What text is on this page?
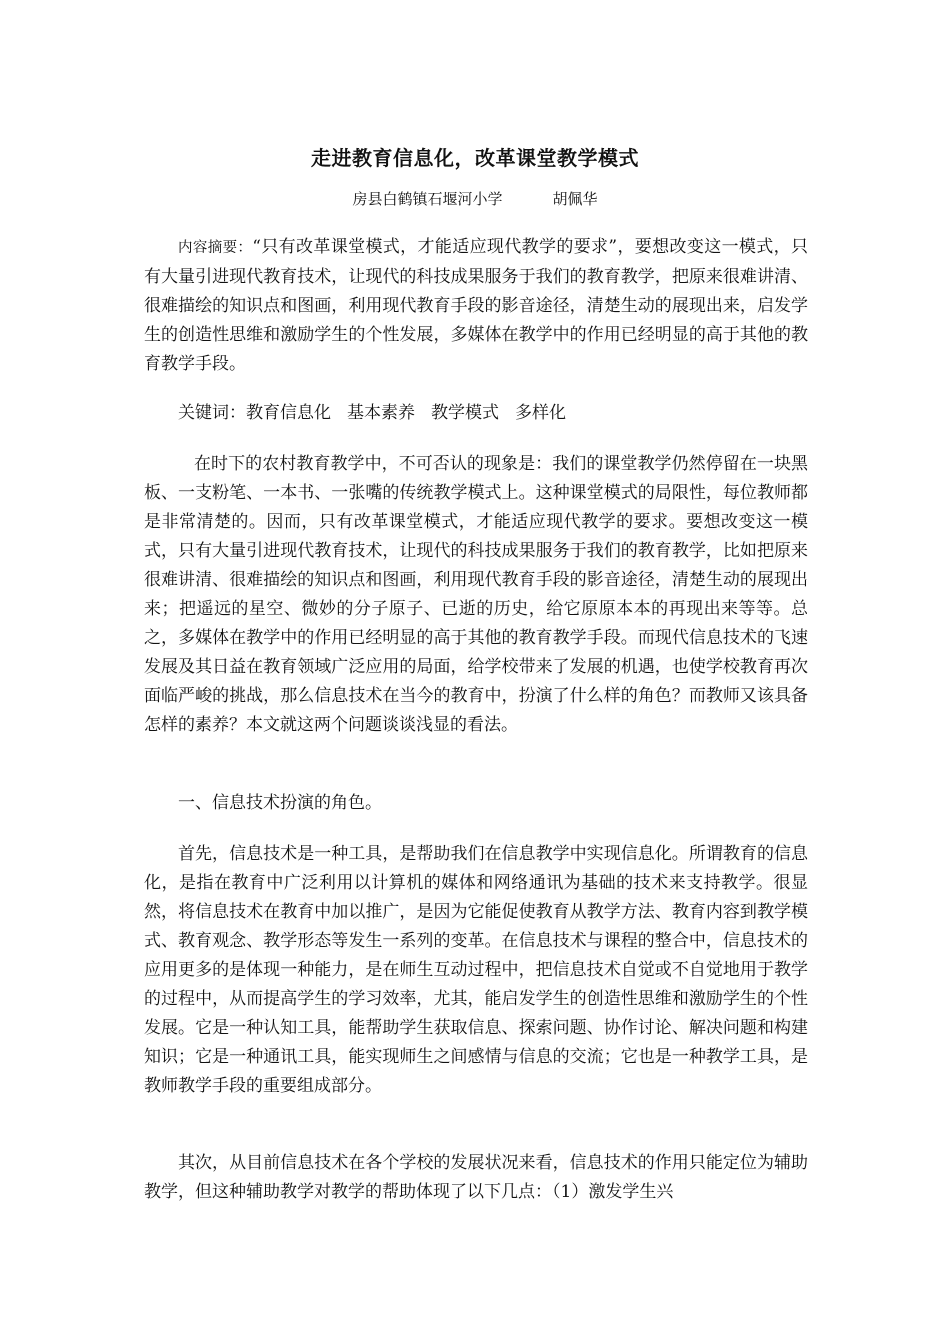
走进教育信息化，改革课堂教学模式
房县白鹤镇石堰河小学	胡佩华

内容摘要：“只有改革课堂模式，才能适应现代教学的要求”，要想改变这一模式，只有大量引进现代教育技术，让现代的科技成果服务于我们的教育教学，把原来很难讲清、很难描绘的知识点和图画，利用现代教育手段的影音途径，清楚生动的展现出来，启发学生的创造性思维和激励学生的个性发展，多媒体在教学中的作用已经明显的高于其他的教育教学手段。

关键词：教育信息化 基本素养 教学模式 多样化

在时下的农村教育教学中，不可否认的现象是：我们的课堂教学仍然停留在一块黑板、一支粉笔、一本书、一张嘴的传统教学模式上。这种课堂模式的局限性，每位教师都是非常清楚的。因而，只有改革课堂模式，才能适应现代教学的要求。要想改变这一模式，只有大量引进现代教育技术，让现代的科技成果服务于我们的教育教学，比如把原来很难讲清、很难描绘的知识点和图画，利用现代教育手段的影音途径，清楚生动的展现出来；把遥远的星空、微妙的分子原子、已逝的历史，给它原原本本的再现出来等等。总之，多媒体在教学中的作用已经明显的高于其他的教育教学手段。而现代信息技术的飞速发展及其日益在教育领域广泛应用的局面，给学校带来了发展的机遇，也使学校教育再次面临严峻的挑战，那么信息技术在当今的教育中，扮演了什么样的角色？而教师又该具备怎样的素养？本文就这两个问题谈谈浅显的看法。

一、信息技术扮演的角色。

首先，信息技术是一种工具，是帮助我们在信息教学中实现信息化。所谓教育的信息化，是指在教育中广泛利用以计算机的媒体和网络通讯为基础的技术来支持教学。很显然，将信息技术在教育中加以推广，是因为它能促使教育从教学方法、教育内容到教学模式、教育观念、教学形态等发生一系列的变革。在信息技术与课程的整合中，信息技术的应用更多的是体现一种能力，是在师生互动过程中，把信息技术自觉或不自觉地用于教学的过程中，从而提高学生的学习效率，尤其，能启发学生的创造性思维和激励学生的个性发展。它是一种认知工具，能帮助学生获取信息、探索问题、协作讨论、解决问题和构建知识；它是一种通讯工具，能实现师生之间感情与信息的交流；它也是一种教学工具，是教师教学手段的重要组成部分。

其次，从目前信息技术在各个学校的发展状况来看，信息技术的作用只能定位为辅助教学，但这种辅助教学对教学的帮助体现了以下几点：（1）激发学生兴
